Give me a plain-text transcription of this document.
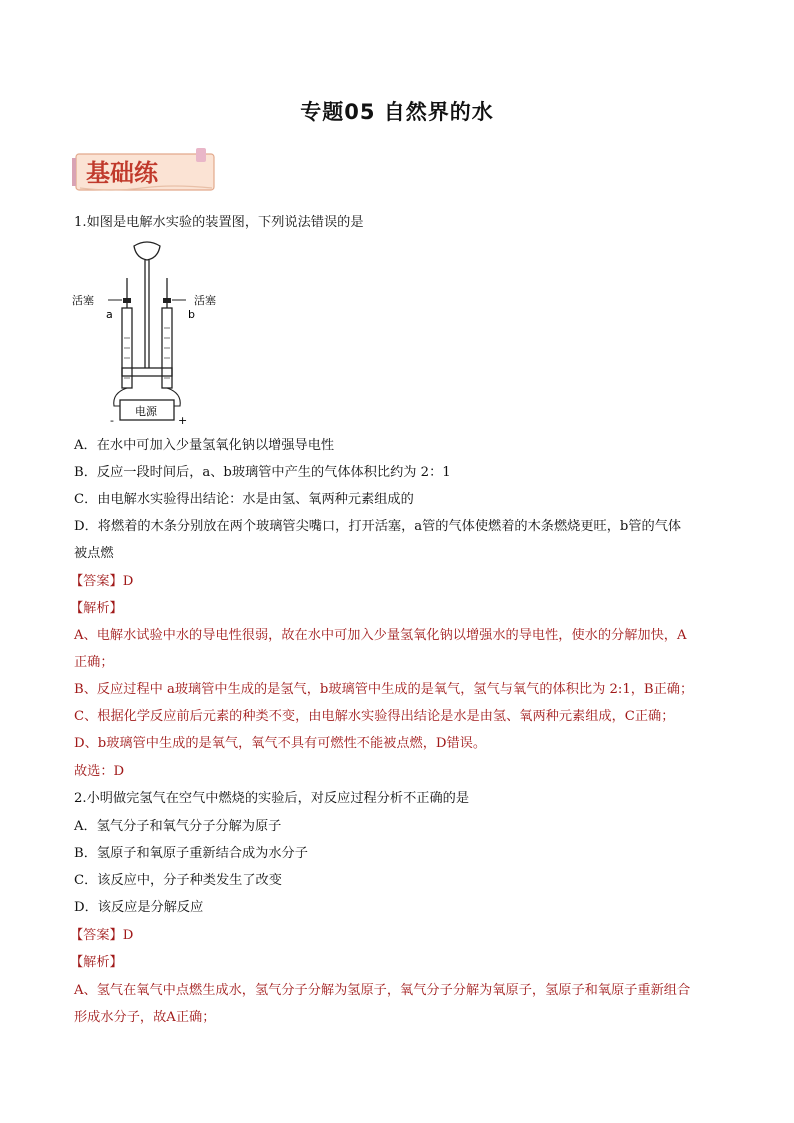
专题05 自然界的水
基础练
1.如图是电解水实验的装置图，下列说法错误的是
a	b
活塞	活塞
电源
-	+
A．在水中可加入少量氢氧化钠以增强导电性
B．反应一段时间后，a、b玻璃管中产生的气体体积比约为 2：1
C．由电解水实验得出结论：水是由氢、氧两种元素组成的
D．将燃着的木条分别放在两个玻璃管尖嘴口，打开活塞，a管的气体使燃着的木条燃烧更旺，b管的气体
被点燃
【答案】D
【解析】
A、电解水试验中水的导电性很弱，故在水中可加入少量氢氧化钠以增强水的导电性，使水的分解加快，A
正确；
B、反应过程中 a玻璃管中生成的是氢气，b玻璃管中生成的是氧气，氢气与氧气的体积比为 2:1，B正确；
C、根据化学反应前后元素的种类不变，由电解水实验得出结论是水是由氢、氧两种元素组成，C正确；
D、b玻璃管中生成的是氧气，氧气不具有可燃性不能被点燃，D错误。
故选：D
2.小明做完氢气在空气中燃烧的实验后，对反应过程分析不正确的是
A．氢气分子和氧气分子分解为原子
B．氢原子和氧原子重新结合成为水分子
C．该反应中，分子种类发生了改变
D．该反应是分解反应
【答案】D
【解析】
A、氢气在氧气中点燃生成水，氢气分子分解为氢原子，氧气分子分解为氧原子，氢原子和氧原子重新组合
形成水分子，故A正确；
